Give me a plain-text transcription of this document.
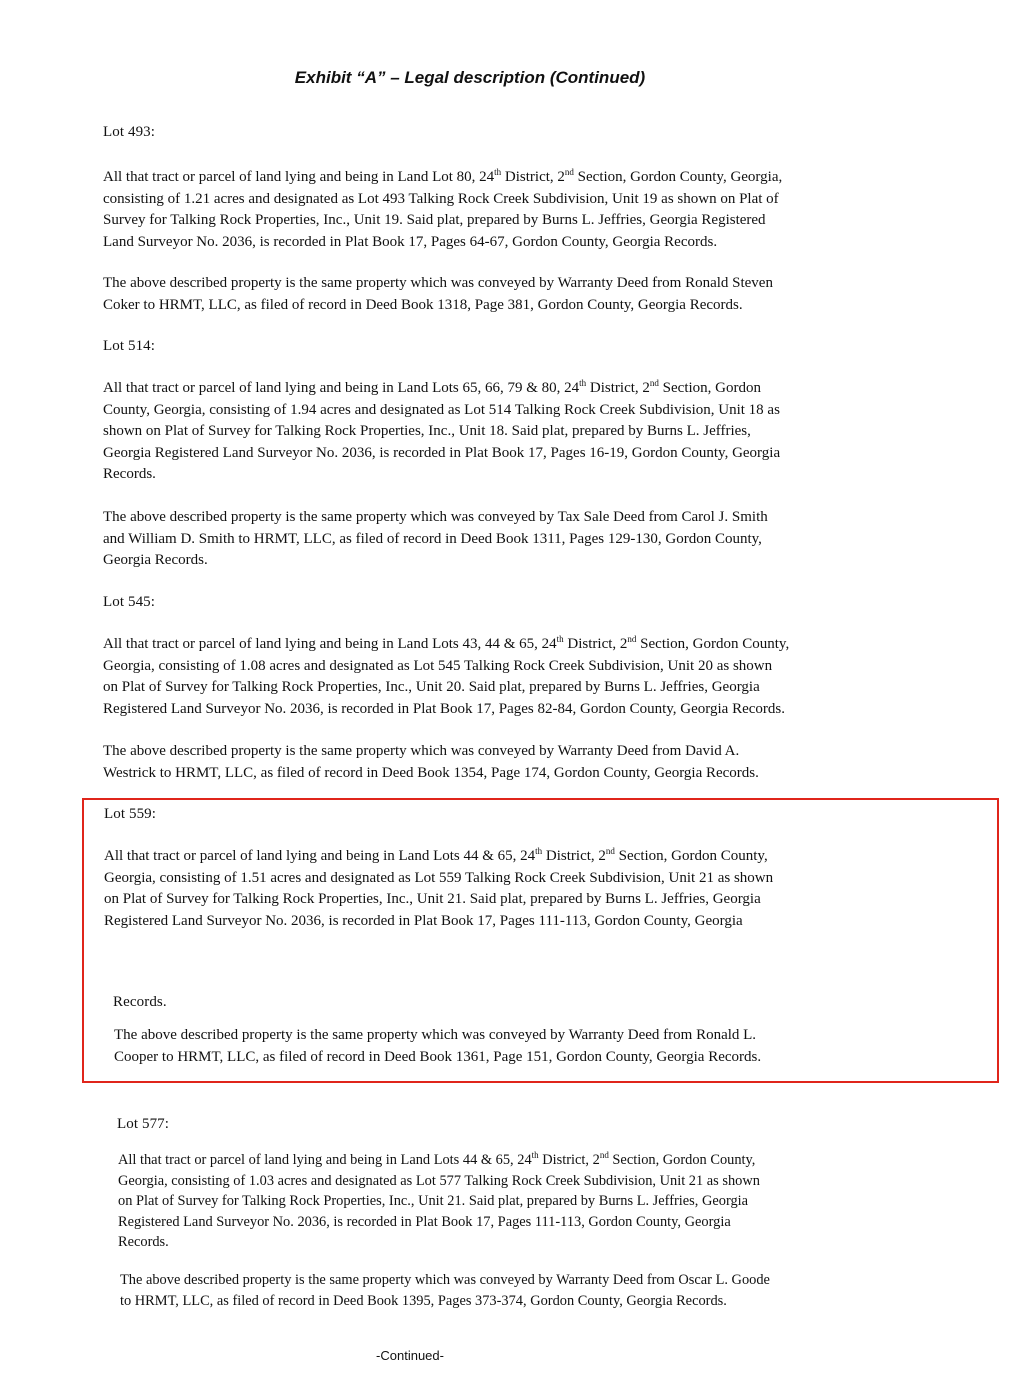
Exhibit “A” – Legal description (Continued)
Lot 493:
All that tract or parcel of land lying and being in Land Lot 80, 24th District, 2nd Section, Gordon County, Georgia,
consisting of 1.21 acres and designated as Lot 493 Talking Rock Creek Subdivision, Unit 19 as shown on Plat of
Survey for Talking Rock Properties, Inc., Unit 19. Said plat, prepared by Burns L. Jeffries, Georgia Registered
Land Surveyor No. 2036, is recorded in Plat Book 17, Pages 64-67, Gordon County, Georgia Records.
The above described property is the same property which was conveyed by Warranty Deed from Ronald Steven
Coker to HRMT, LLC, as filed of record in Deed Book 1318, Page 381, Gordon County, Georgia Records.
Lot 514:
All that tract or parcel of land lying and being in Land Lots 65, 66, 79 & 80, 24th District, 2nd Section, Gordon
County, Georgia, consisting of 1.94 acres and designated as Lot 514 Talking Rock Creek Subdivision, Unit 18 as
shown on Plat of Survey for Talking Rock Properties, Inc., Unit 18. Said plat, prepared by Burns L. Jeffries,
Georgia Registered Land Surveyor No. 2036, is recorded in Plat Book 17, Pages 16-19, Gordon County, Georgia
Records.
The above described property is the same property which was conveyed by Tax Sale Deed from Carol J. Smith
and William D. Smith to HRMT, LLC, as filed of record in Deed Book 1311, Pages 129-130, Gordon County,
Georgia Records.
Lot 545:
All that tract or parcel of land lying and being in Land Lots 43, 44 & 65, 24th District, 2nd Section, Gordon County,
Georgia, consisting of 1.08 acres and designated as Lot 545 Talking Rock Creek Subdivision, Unit 20 as shown
on Plat of Survey for Talking Rock Properties, Inc., Unit 20. Said plat, prepared by Burns L. Jeffries, Georgia
Registered Land Surveyor No. 2036, is recorded in Plat Book 17, Pages 82-84, Gordon County, Georgia Records.
The above described property is the same property which was conveyed by Warranty Deed from David A.
Westrick to HRMT, LLC, as filed of record in Deed Book 1354, Page 174, Gordon County, Georgia Records.
Lot 559:
All that tract or parcel of land lying and being in Land Lots 44 & 65, 24th District, 2nd Section, Gordon County,
Georgia, consisting of 1.51 acres and designated as Lot 559 Talking Rock Creek Subdivision, Unit 21 as shown
on Plat of Survey for Talking Rock Properties, Inc., Unit 21. Said plat, prepared by Burns L. Jeffries, Georgia
Registered Land Surveyor No. 2036, is recorded in Plat Book 17, Pages 111-113, Gordon County, Georgia
Records.
The above described property is the same property which was conveyed by Warranty Deed from Ronald L.
Cooper to HRMT, LLC, as filed of record in Deed Book 1361, Page 151, Gordon County, Georgia Records.
Lot 577:
All that tract or parcel of land lying and being in Land Lots 44 & 65, 24th District, 2nd Section, Gordon County,
Georgia, consisting of 1.03 acres and designated as Lot 577 Talking Rock Creek Subdivision, Unit 21 as shown
on Plat of Survey for Talking Rock Properties, Inc., Unit 21. Said plat, prepared by Burns L. Jeffries, Georgia
Registered Land Surveyor No. 2036, is recorded in Plat Book 17, Pages 111-113, Gordon County, Georgia
Records.
The above described property is the same property which was conveyed by Warranty Deed from Oscar L. Goode
to HRMT, LLC, as filed of record in Deed Book 1395, Pages 373-374, Gordon County, Georgia Records.
-Continued-
